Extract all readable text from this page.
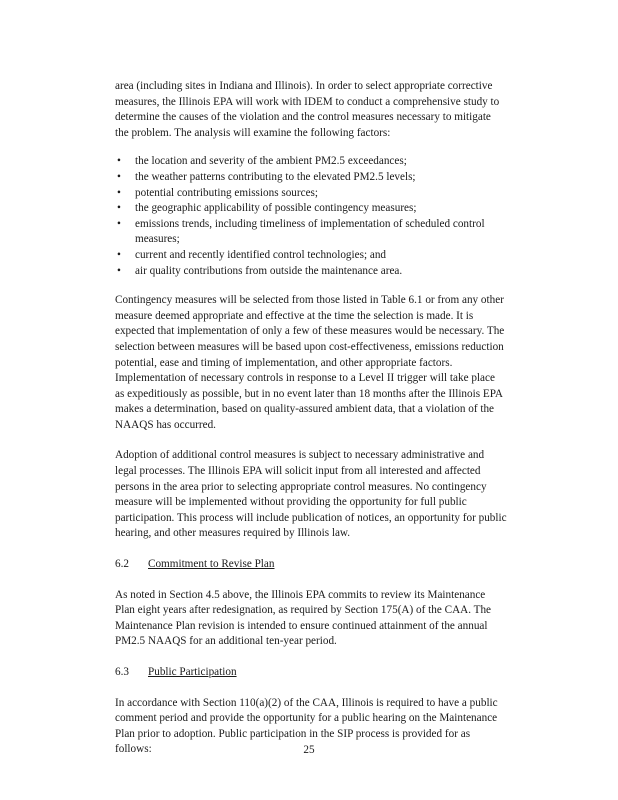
area (including sites in Indiana and Illinois). In order to select appropriate corrective measures, the Illinois EPA will work with IDEM to conduct a comprehensive study to determine the causes of the violation and the control measures necessary to mitigate the problem. The analysis will examine the following factors:

• the location and severity of the ambient PM2.5 exceedances;
• the weather patterns contributing to the elevated PM2.5 levels;
• potential contributing emissions sources;
• the geographic applicability of possible contingency measures;
• emissions trends, including timeliness of implementation of scheduled control measures;
• current and recently identified control technologies; and
• air quality contributions from outside the maintenance area.

Contingency measures will be selected from those listed in Table 6.1 or from any other measure deemed appropriate and effective at the time the selection is made. It is expected that implementation of only a few of these measures would be necessary. The selection between measures will be based upon cost-effectiveness, emissions reduction potential, ease and timing of implementation, and other appropriate factors. Implementation of necessary controls in response to a Level II trigger will take place as expeditiously as possible, but in no event later than 18 months after the Illinois EPA makes a determination, based on quality-assured ambient data, that a violation of the NAAQS has occurred.

Adoption of additional control measures is subject to necessary administrative and legal processes. The Illinois EPA will solicit input from all interested and affected persons in the area prior to selecting appropriate control measures. No contingency measure will be implemented without providing the opportunity for full public participation. This process will include publication of notices, an opportunity for public hearing, and other measures required by Illinois law.

6.2 Commitment to Revise Plan

As noted in Section 4.5 above, the Illinois EPA commits to review its Maintenance Plan eight years after redesignation, as required by Section 175(A) of the CAA. The Maintenance Plan revision is intended to ensure continued attainment of the annual PM2.5 NAAQS for an additional ten-year period.

6.3 Public Participation

In accordance with Section 110(a)(2) of the CAA, Illinois is required to have a public comment period and provide the opportunity for a public hearing on the Maintenance Plan prior to adoption. Public participation in the SIP process is provided for as follows:	25
